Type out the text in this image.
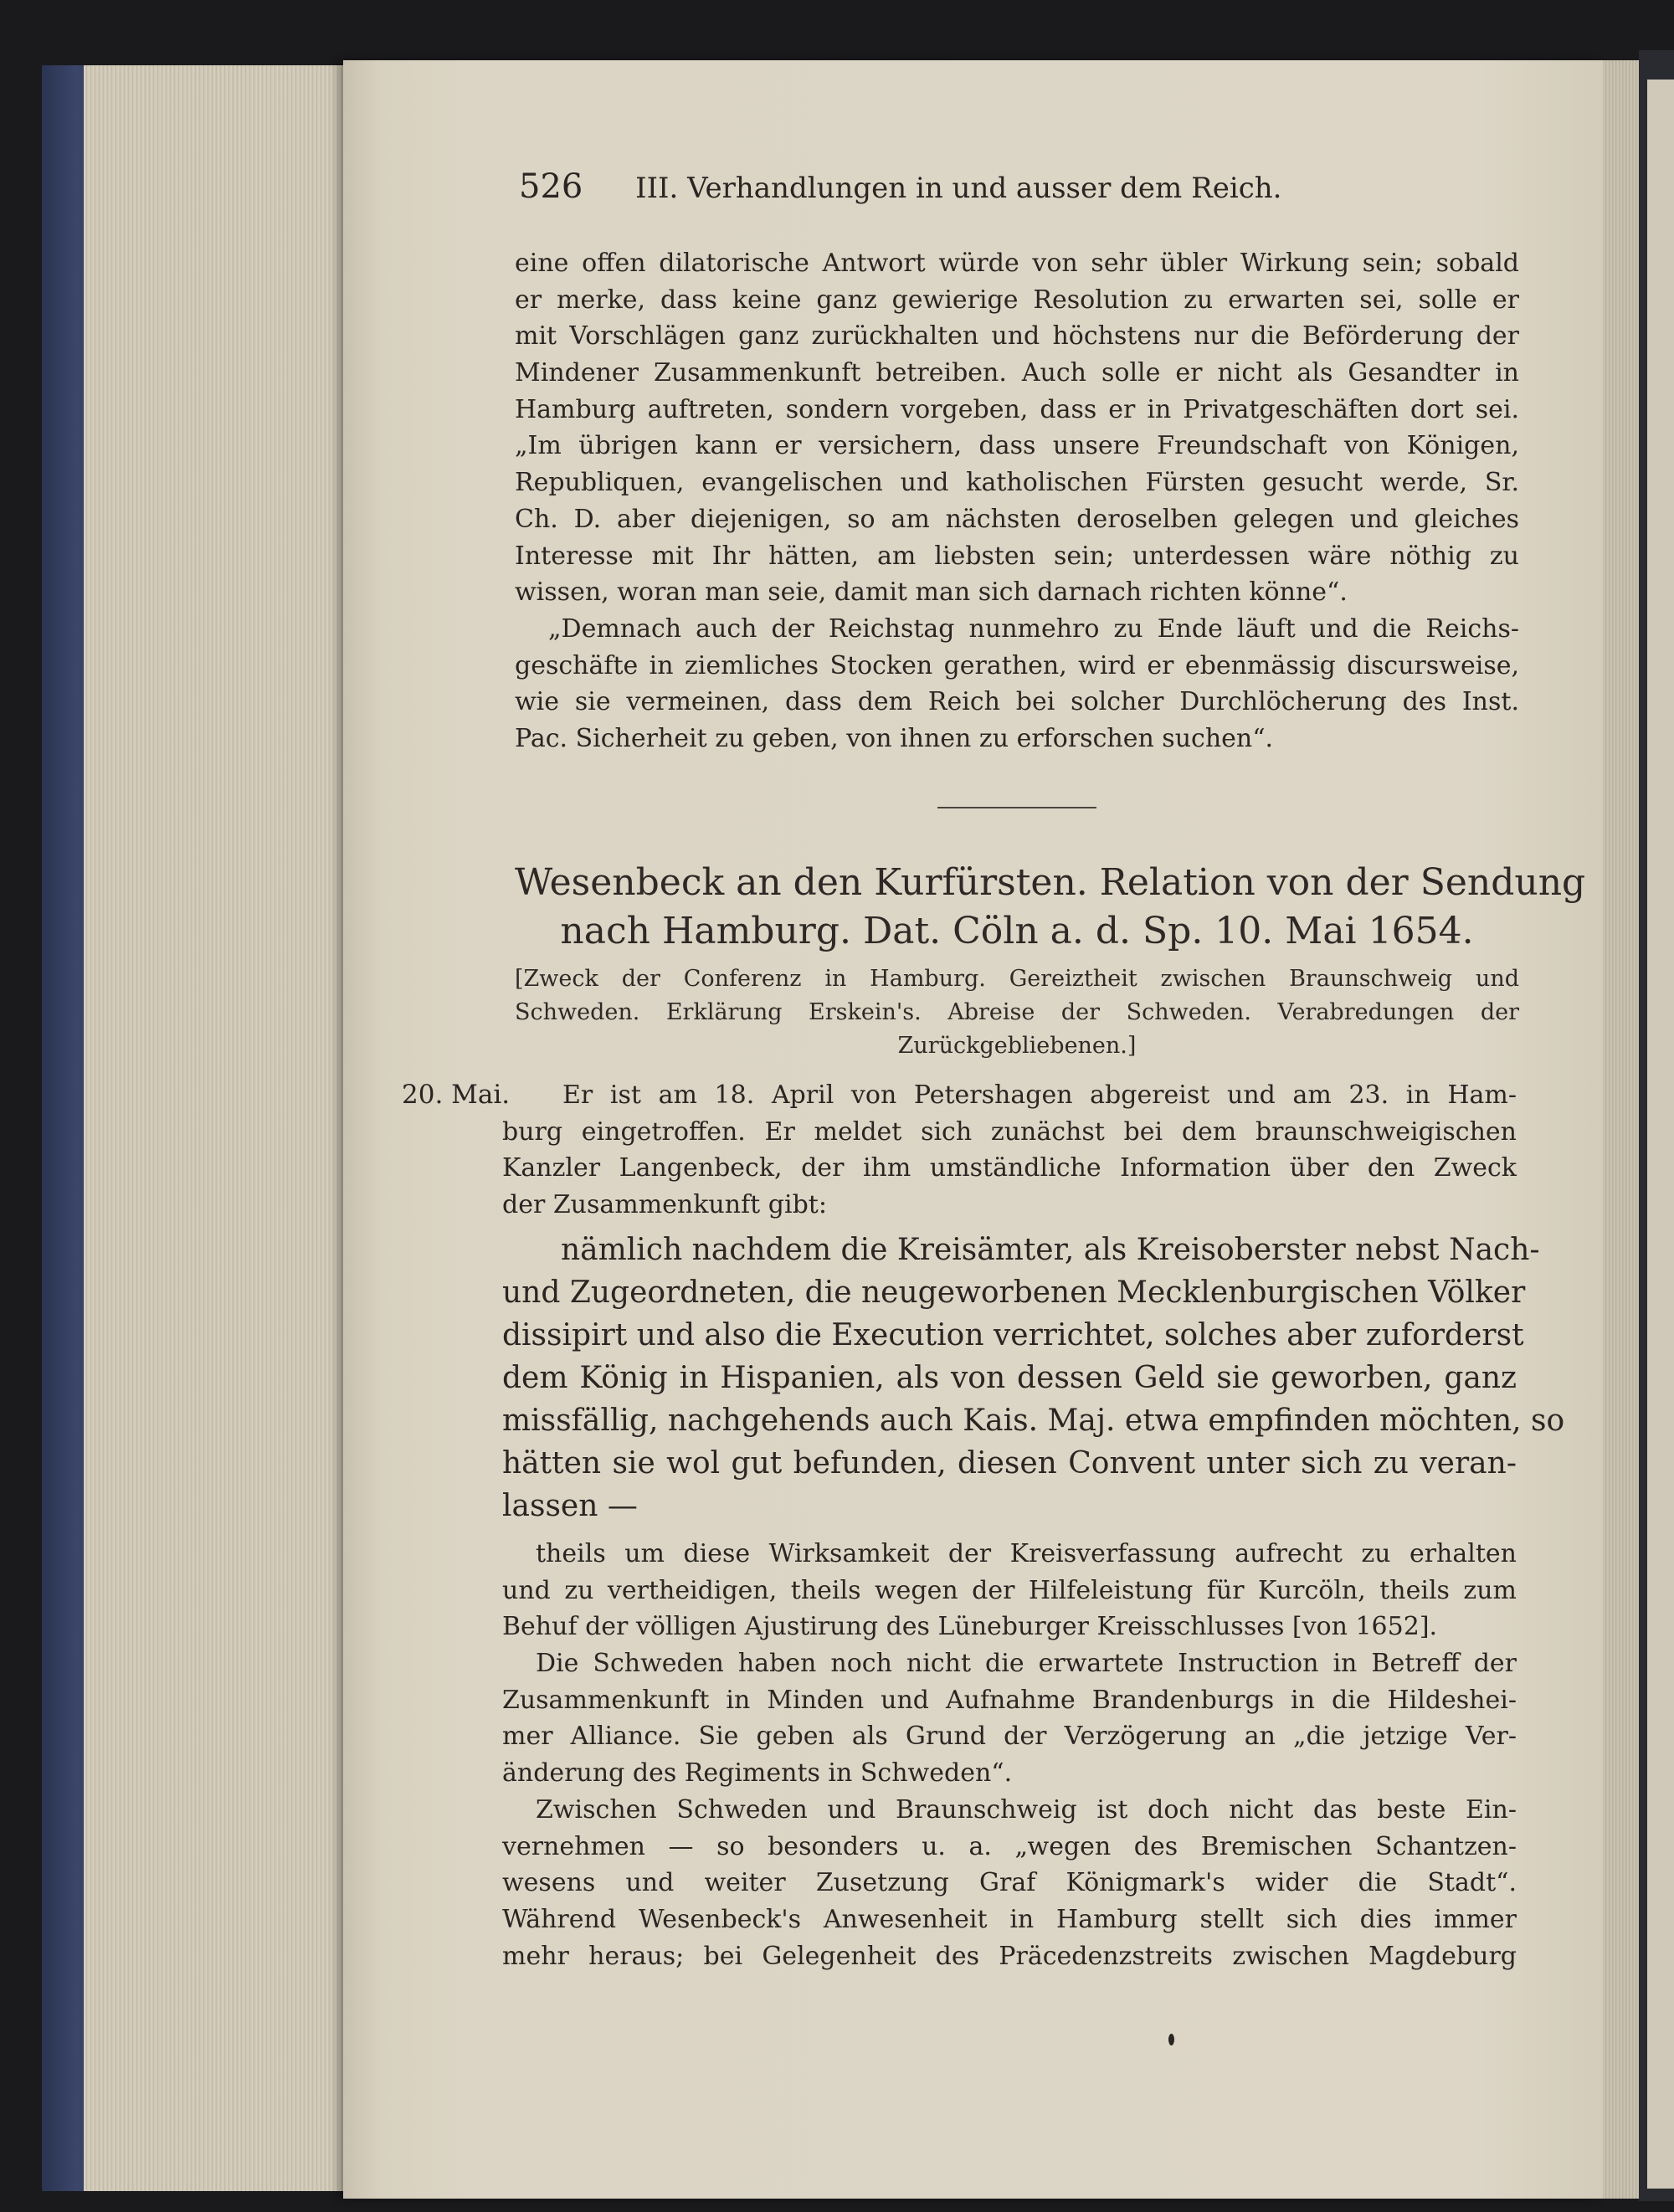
526 III. Verhandlungen in und ausser dem Reich.
eine offen dilatorische Antwort würde von sehr übler Wirkung sein; sobald
er merke, dass keine ganz gewierige Resolution zu erwarten sei, solle er
mit Vorschlägen ganz zurückhalten und höchstens nur die Beförderung der
Mindener Zusammenkunft betreiben. Auch solle er nicht als Gesandter in
Hamburg auftreten, sondern vorgeben, dass er in Privatgeschäften dort sei.
„Im übrigen kann er versichern, dass unsere Freundschaft von Königen,
Republiquen, evangelischen und katholischen Fürsten gesucht werde, Sr.
Ch. D. aber diejenigen, so am nächsten deroselben gelegen und gleiches
Interesse mit Ihr hätten, am liebsten sein; unterdessen wäre nöthig zu
wissen, woran man seie, damit man sich darnach richten könne“.
„Demnach auch der Reichstag nunmehro zu Ende läuft und die Reichs-
geschäfte in ziemliches Stocken gerathen, wird er ebenmässig discursweise,
wie sie vermeinen, dass dem Reich bei solcher Durchlöcherung des Inst.
Pac. Sicherheit zu geben, von ihnen zu erforschen suchen“.
Wesenbeck an den Kurfürsten. Relation von der Sendung
nach Hamburg. Dat. Cöln a. d. Sp. 10. Mai 1654.
[Zweck der Conferenz in Hamburg. Gereiztheit zwischen Braunschweig und
Schweden. Erklärung Erskein's. Abreise der Schweden. Verabredungen der
Zurückgebliebenen.]
20. Mai.	Er ist am 18. April von Petershagen abgereist und am 23. in Ham-
burg eingetroffen. Er meldet sich zunächst bei dem braunschweigischen
Kanzler Langenbeck, der ihm umständliche Information über den Zweck
der Zusammenkunft gibt:
nämlich nachdem die Kreisämter, als Kreisoberster nebst Nach-
und Zugeordneten, die neugeworbenen Mecklenburgischen Völker
dissipirt und also die Execution verrichtet, solches aber zuforderst
dem König in Hispanien, als von dessen Geld sie geworben, ganz
missfällig, nachgehends auch Kais. Maj. etwa empfinden möchten, so
hätten sie wol gut befunden, diesen Convent unter sich zu veran-
lassen —
theils um diese Wirksamkeit der Kreisverfassung aufrecht zu erhalten
und zu vertheidigen, theils wegen der Hilfeleistung für Kurcöln, theils zum
Behuf der völligen Ajustirung des Lüneburger Kreisschlusses [von 1652].
Die Schweden haben noch nicht die erwartete Instruction in Betreff der
Zusammenkunft in Minden und Aufnahme Brandenburgs in die Hildeshei-
mer Alliance. Sie geben als Grund der Verzögerung an „die jetzige Ver-
änderung des Regiments in Schweden“.
Zwischen Schweden und Braunschweig ist doch nicht das beste Ein-
vernehmen — so besonders u. a. „wegen des Bremischen Schantzen-
wesens und weiter Zusetzung Graf Königmark's wider die Stadt“.
Während Wesenbeck's Anwesenheit in Hamburg stellt sich dies immer
mehr heraus; bei Gelegenheit des Präcedenzstreits zwischen Magdeburg
